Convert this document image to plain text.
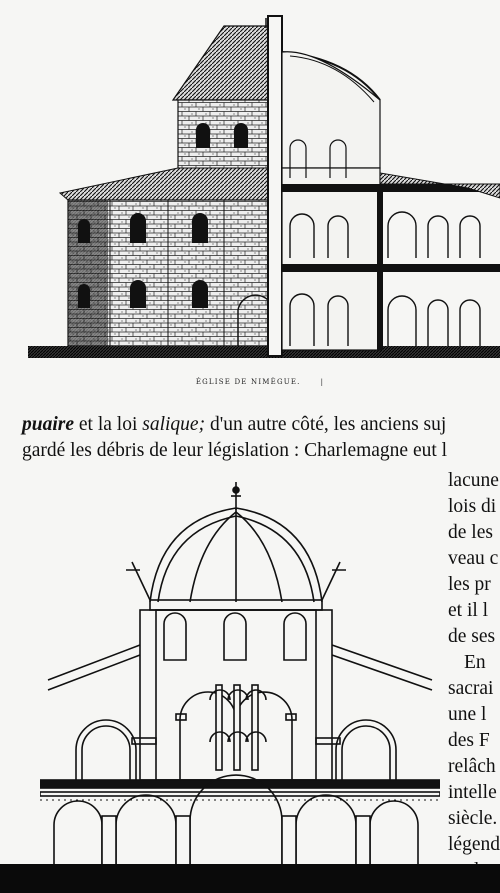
ÉGLISE DE NIMÈGUE.	|
puaire et la loi salique; d'un autre côté, les anciens suj
gardé les débris de leur législation : Charlemagne eut l
lacune
lois di
de les
veau c
les pr
et il l
de ses
En
sacrai
une l
des F
relâch
intelle
siècle.
légend
